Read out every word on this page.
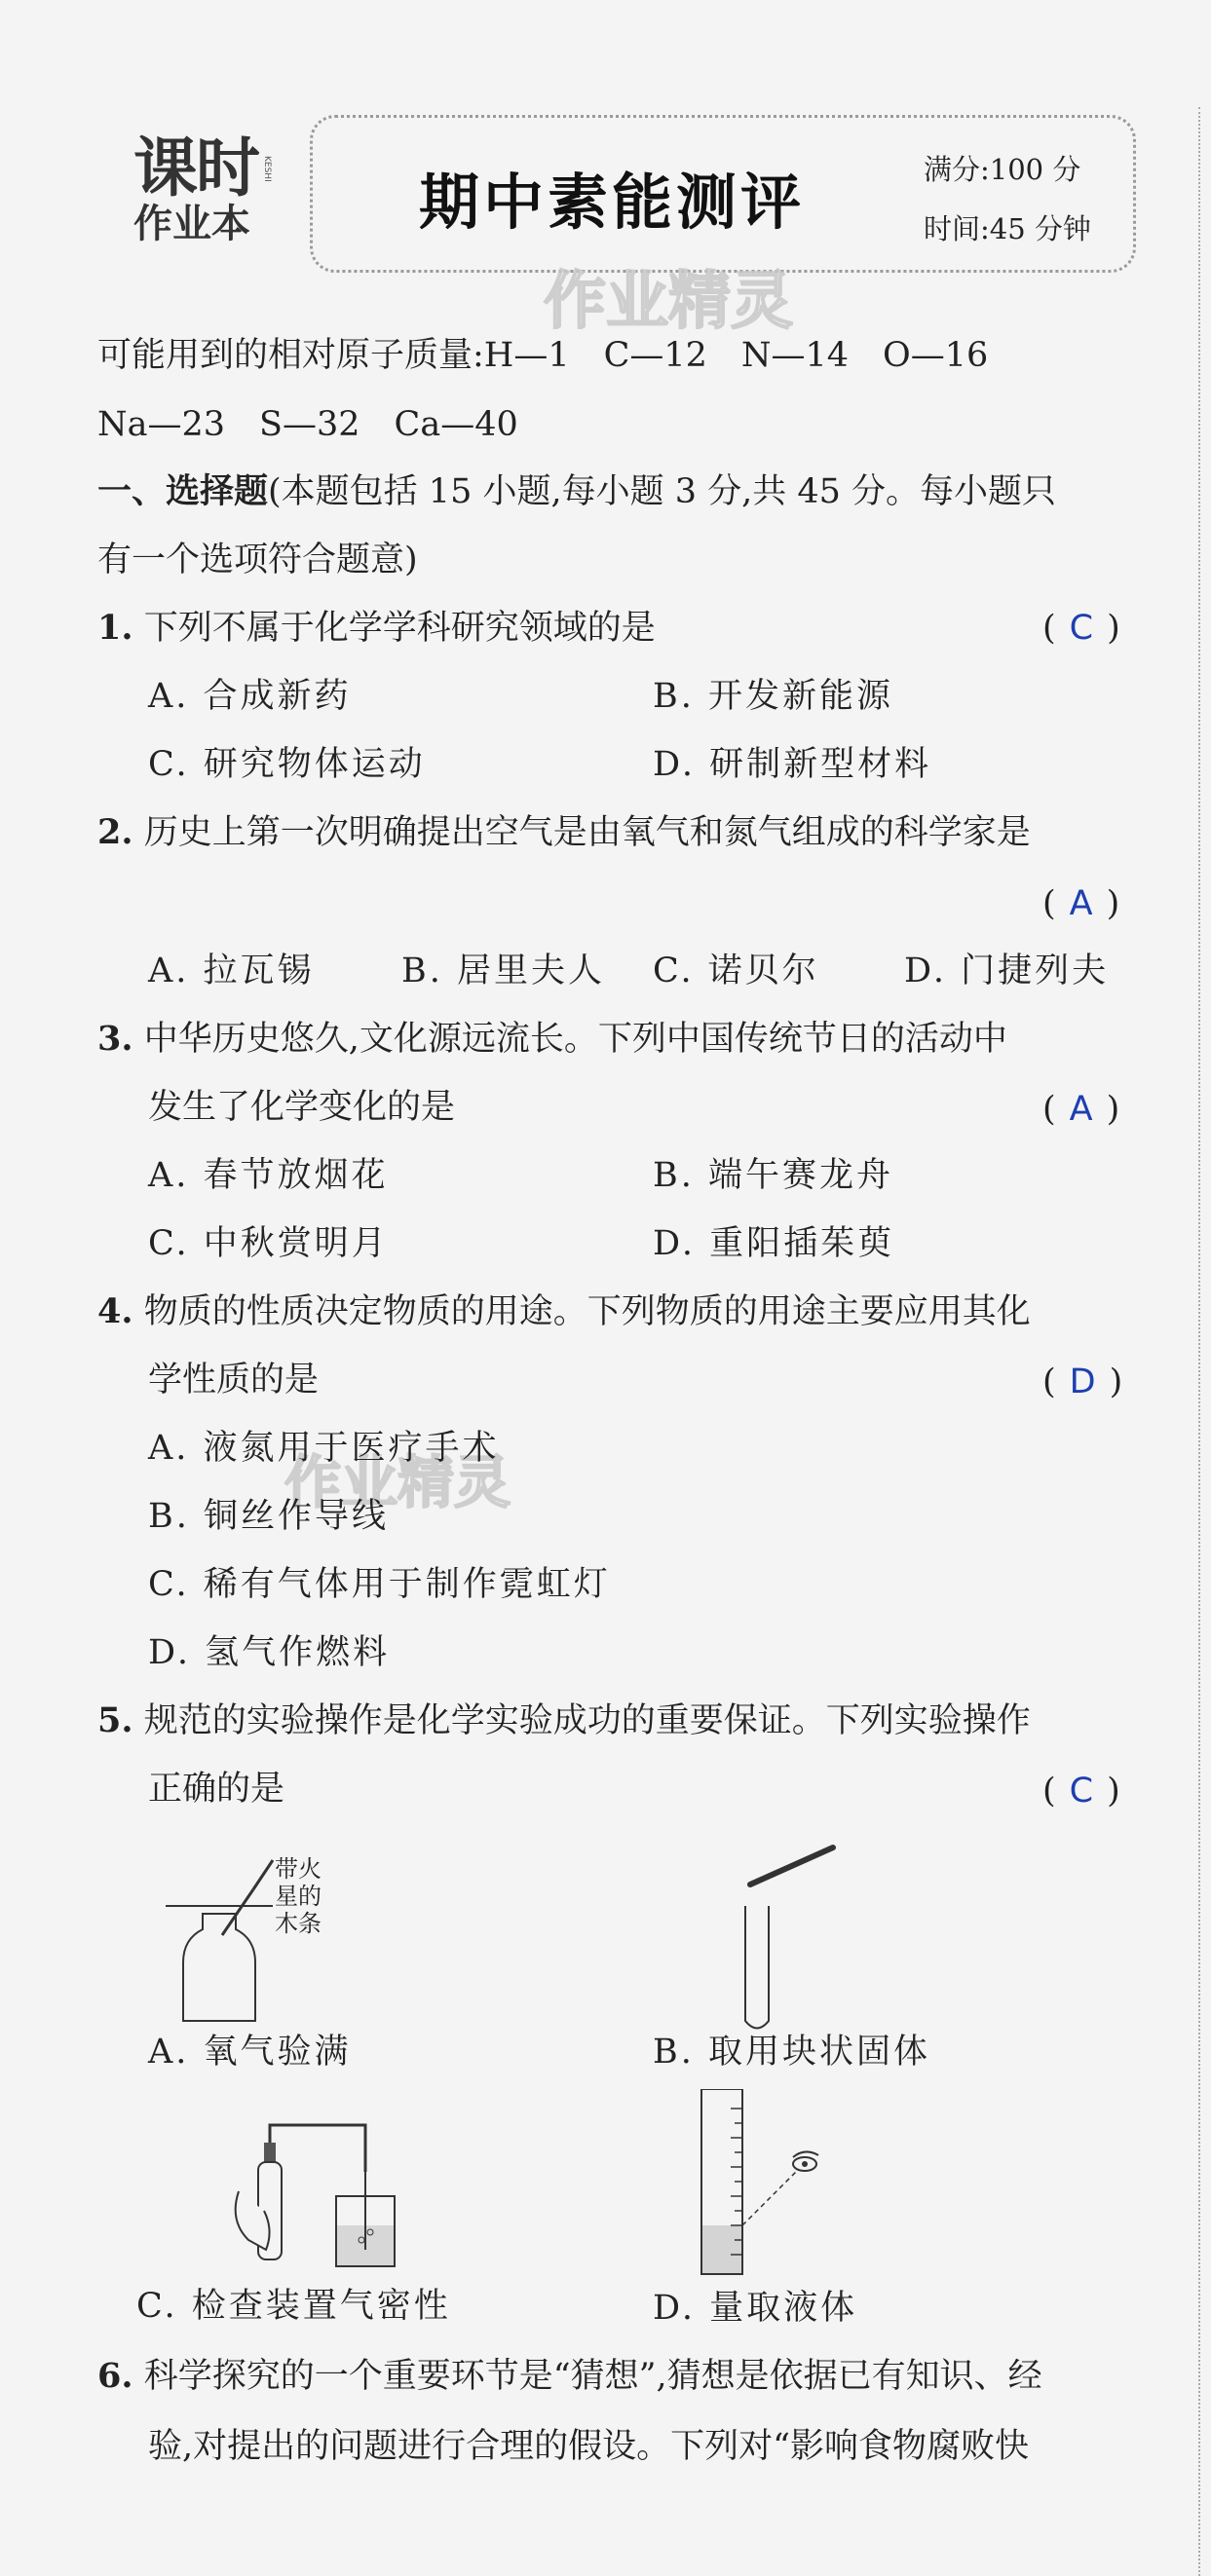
课时
作业本
KESHI 期中素能测评	满分:100 分
时间:45 分钟
作业精灵
作业精灵
可能用到的相对原子质量:H—1　C—12　N—14　O—16
Na—23　S—32　Ca—40
一、选择题(本题包括 15 小题,每小题 3 分,共 45 分。每小题只
有一个选项符合题意)
1. 下列不属于化学学科研究领域的是	( C )
A. 合成新药	B. 开发新能源
C. 研究物体运动	D. 研制新型材料
2. 历史上第一次明确提出空气是由氧气和氮气组成的科学家是
( A )
A. 拉瓦锡	B. 居里夫人 C. 诺贝尔 D. 门捷列夫
3. 中华历史悠久,文化源远流长。下列中国传统节日的活动中
发生了化学变化的是	( A )
A. 春节放烟花	B. 端午赛龙舟
C. 中秋赏明月	D. 重阳插茱萸
4. 物质的性质决定物质的用途。下列物质的用途主要应用其化
学性质的是	( D )
A. 液氮用于医疗手术
B. 铜丝作导线
C. 稀有气体用于制作霓虹灯
D. 氢气作燃料
5. 规范的实验操作是化学实验成功的重要保证。下列实验操作
正确的是	( C )
带火
星的
木条
A. 氧气验满	B. 取用块状固体
C. 检查装置气密性	D. 量取液体
6. 科学探究的一个重要环节是“猜想”,猜想是依据已有知识、经
验,对提出的问题进行合理的假设。下列对“影响食物腐败快
